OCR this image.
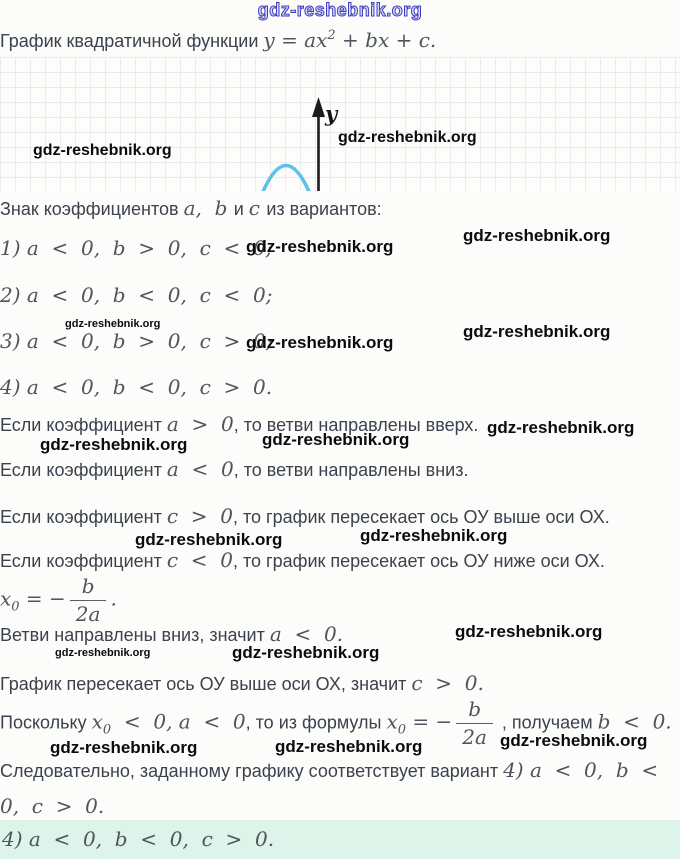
gdz-reshebnik.org
y
График квадратичной функции $y = ax^2$ + bx + c.
Знак коэффициентов a,  b и c из вариантов:
1) a  <  0,  b  >  0,  c  <  0;
2) a  <  0,  b  <  0,  c  <  0;
3) a  <  0,  b  >  0,  c  >  0;
4) a  <  0,  b  <  0,  c  >  0.
Если коэффициент a  >  0, то ветви направлены вверх.
Если коэффициент a  <  0, то ветви направлены вниз.
Если коэффициент c  >  0, то график пересекает ось ОУ выше оси ОХ.
Если коэффициент c  <  0, то график пересекает ось ОУ ниже оси ОХ.
$x_0$ = − $\frac{b}{2a}$ .
Ветви направлены вниз, значит a  <  0.
График пересекает ось ОУ выше оси ОХ, значит c  >  0.
Поскольку $x_0 < 0$, a  <  0, то из формулы $x_0$ = − $\frac{b}{2a}$ , получаем b  <  0.
Следовательно, заданному графику соответствует вариант 4) a  <  0,  b  <
0,  c  >  0.
4) a  <  0,  b  <  0,  c  >  0.
gdz-reshebnik.org
gdz-reshebnik.org
gdz-reshebnik.org
gdz-reshebnik.org
gdz-reshebnik.org
gdz-reshebnik.org
gdz-reshebnik.org
gdz-reshebnik.org
gdz-reshebnik.org	gdz-reshebnik.org
gdz-reshebnik.org	gdz-reshebnik.org
gdz-reshebnik.org
gdz-reshebnik.org	gdz-reshebnik.org
gdz-reshebnik.org	gdz-reshebnik.org	gdz-reshebnik.org
